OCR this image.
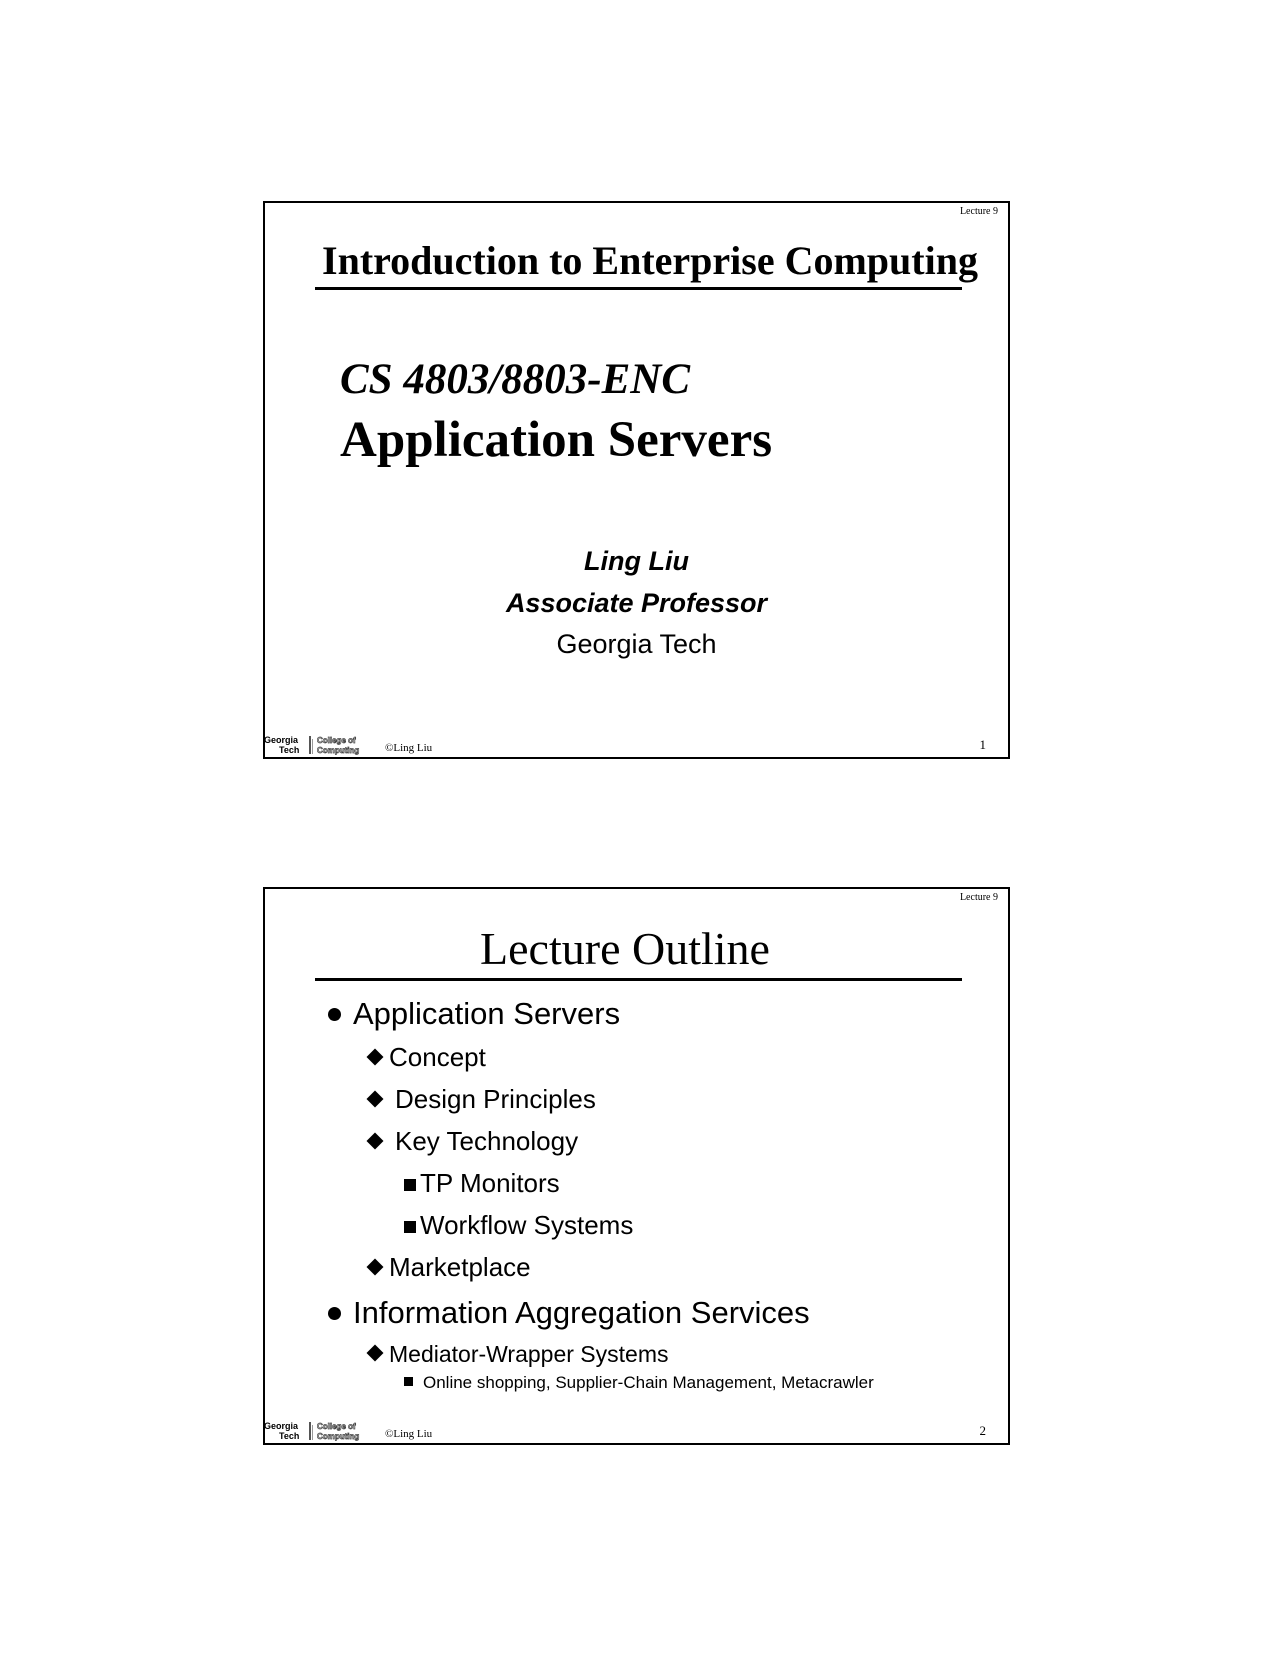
Lecture 9
Introduction to Enterprise Computing
CS 4803/8803-ENC
Application Servers
Ling Liu
Associate Professor
Georgia Tech
Georgia
Tech
College of
Computing ©Ling Liu	1
Lecture 9
Lecture Outline
Application Servers
Concept
Design Principles
Key Technology
TP Monitors
Workflow Systems
Marketplace
Information Aggregation Services
Mediator-Wrapper Systems
Online shopping, Supplier-Chain Management, Metacrawler
Georgia
Tech
College of
Computing ©Ling Liu	2
